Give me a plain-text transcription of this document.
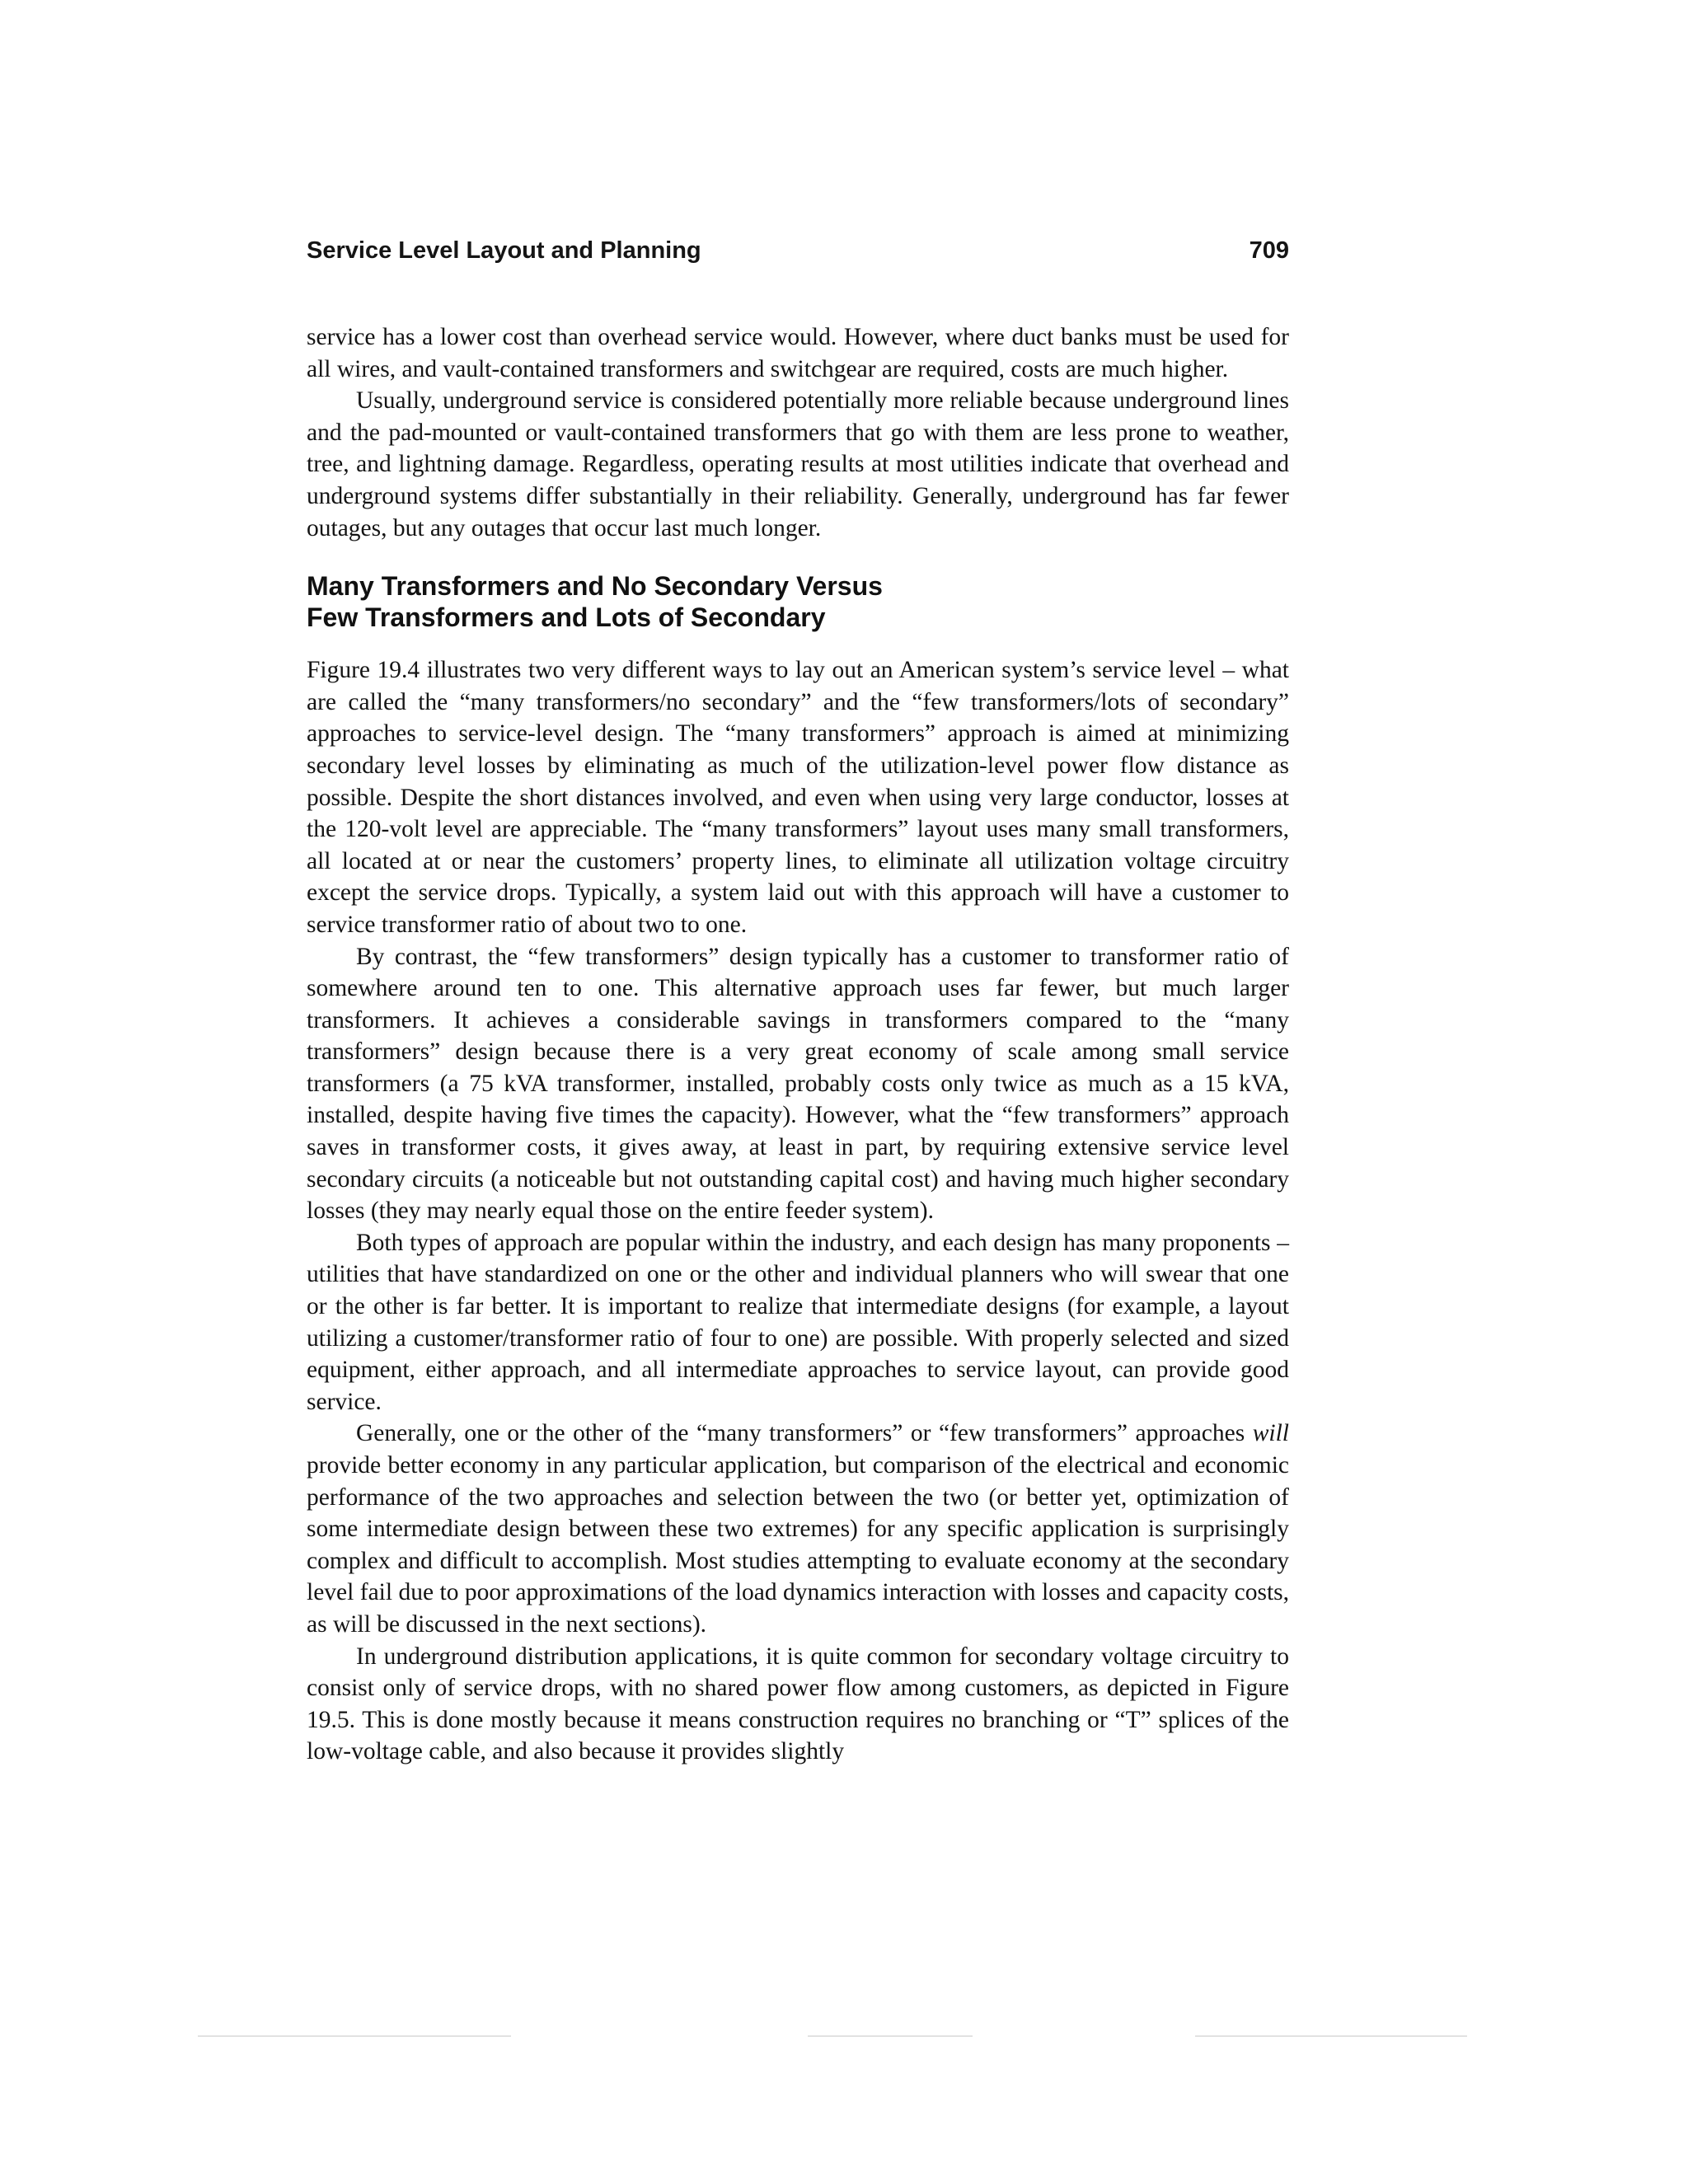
Service Level Layout and Planning	709

service has a lower cost than overhead service would. However, where duct banks must be used for all wires, and vault-contained transformers and switchgear are required, costs are much higher.

Usually, underground service is considered potentially more reliable because underground lines and the pad-mounted or vault-contained transformers that go with them are less prone to weather, tree, and lightning damage. Regardless, operating results at most utilities indicate that overhead and underground systems differ substantially in their reliability. Generally, underground has far fewer outages, but any outages that occur last much longer.

Many Transformers and No Secondary Versus
Few Transformers and Lots of Secondary

Figure 19.4 illustrates two very different ways to lay out an American system’s service level – what are called the “many transformers/no secondary” and the “few transformers/lots of secondary” approaches to service-level design. The “many transformers” approach is aimed at minimizing secondary level losses by eliminating as much of the utilization-level power flow distance as possible. Despite the short distances involved, and even when using very large conductor, losses at the 120-volt level are appreciable. The “many transformers” layout uses many small transformers, all located at or near the customers’ property lines, to eliminate all utilization voltage circuitry except the service drops. Typically, a system laid out with this approach will have a customer to service transformer ratio of about two to one.

By contrast, the “few transformers” design typically has a customer to transformer ratio of somewhere around ten to one. This alternative approach uses far fewer, but much larger transformers. It achieves a considerable savings in transformers compared to the “many transformers” design because there is a very great economy of scale among small service transformers (a 75 kVA transformer, installed, probably costs only twice as much as a 15 kVA, installed, despite having five times the capacity). However, what the “few transformers” approach saves in transformer costs, it gives away, at least in part, by requiring extensive service level secondary circuits (a noticeable but not outstanding capital cost) and having much higher secondary losses (they may nearly equal those on the entire feeder system).

Both types of approach are popular within the industry, and each design has many proponents – utilities that have standardized on one or the other and individual planners who will swear that one or the other is far better. It is important to realize that intermediate designs (for example, a layout utilizing a customer/transformer ratio of four to one) are possible. With properly selected and sized equipment, either approach, and all intermediate approaches to service layout, can provide good service.

Generally, one or the other of the “many transformers” or “few transformers” approaches will provide better economy in any particular application, but comparison of the electrical and economic performance of the two approaches and selection between the two (or better yet, optimization of some intermediate design between these two extremes) for any specific application is surprisingly complex and difficult to accomplish. Most studies attempting to evaluate economy at the secondary level fail due to poor approximations of the load dynamics interaction with losses and capacity costs, as will be discussed in the next sections).

In underground distribution applications, it is quite common for secondary voltage circuitry to consist only of service drops, with no shared power flow among customers, as depicted in Figure 19.5. This is done mostly because it means construction requires no branching or “T” splices of the low-voltage cable, and also because it provides slightly
